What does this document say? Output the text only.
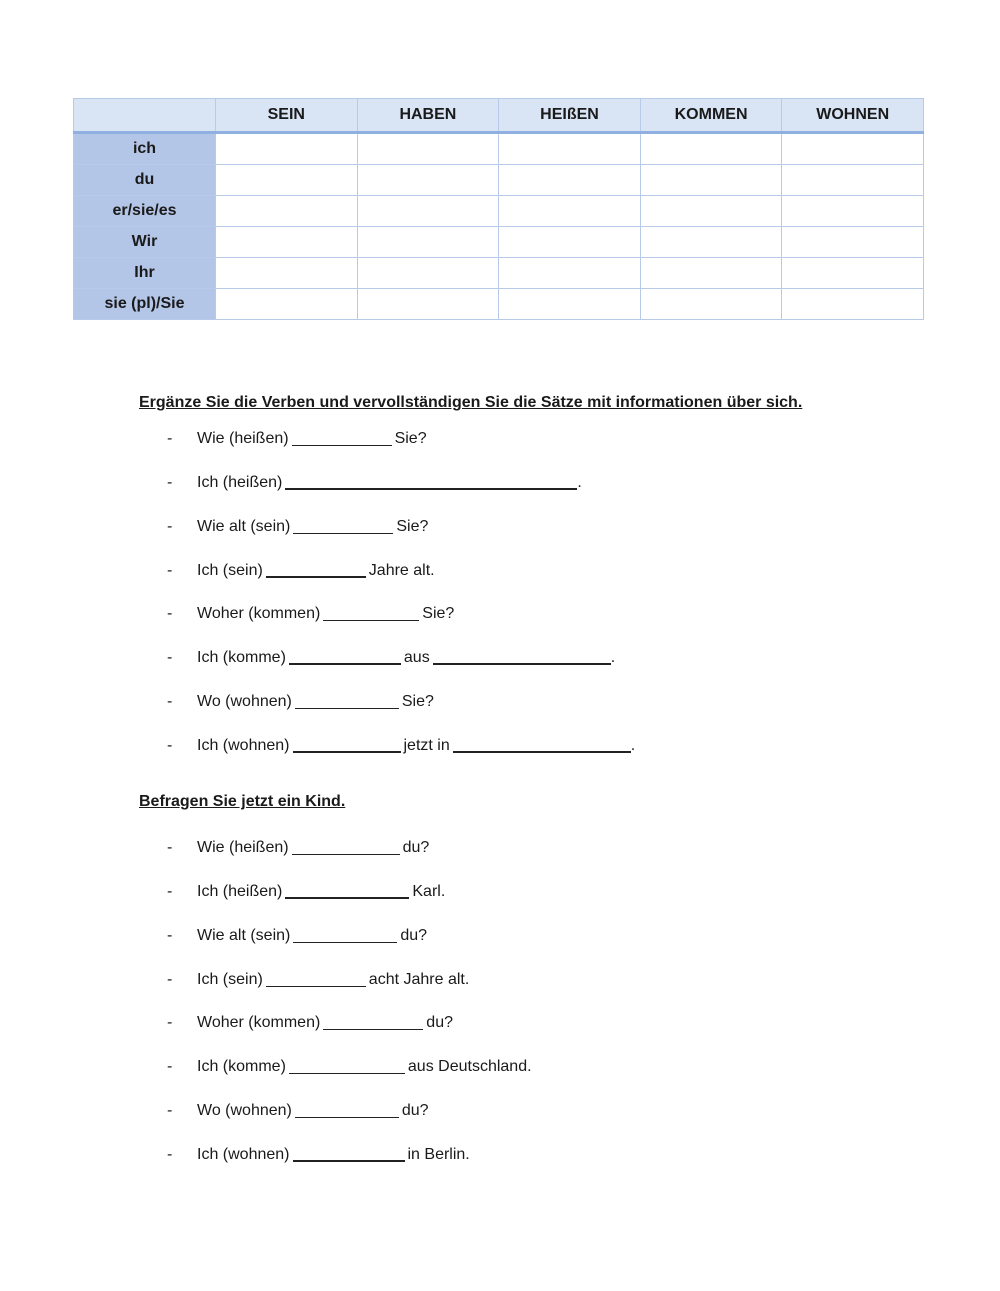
	SEIN	HABEN	HEIßEN	KOMMEN	WOHNEN
ich					
du					
er/sie/es					
Wir					
Ihr					
sie (pl)/Sie					

Ergänze Sie die Verben und vervollständigen Sie die Sätze mit informationen über sich.

- Wie (heißen)	Sie?
- Ich (heißen)	.
- Wie alt (sein)	Sie?
- Ich (sein)	Jahre alt.
- Woher (kommen)	Sie?
- Ich (komme)	aus	.
- Wo (wohnen)	Sie?
- Ich (wohnen)	jetzt in	.

Befragen Sie jetzt ein Kind.

- Wie (heißen)	du?
- Ich (heißen)	Karl.
- Wie alt (sein)	du?
- Ich (sein)	acht Jahre alt.
- Woher (kommen)	du?
- Ich (komme)	aus Deutschland.
- Wo (wohnen)	du?
- Ich (wohnen)	in Berlin.
